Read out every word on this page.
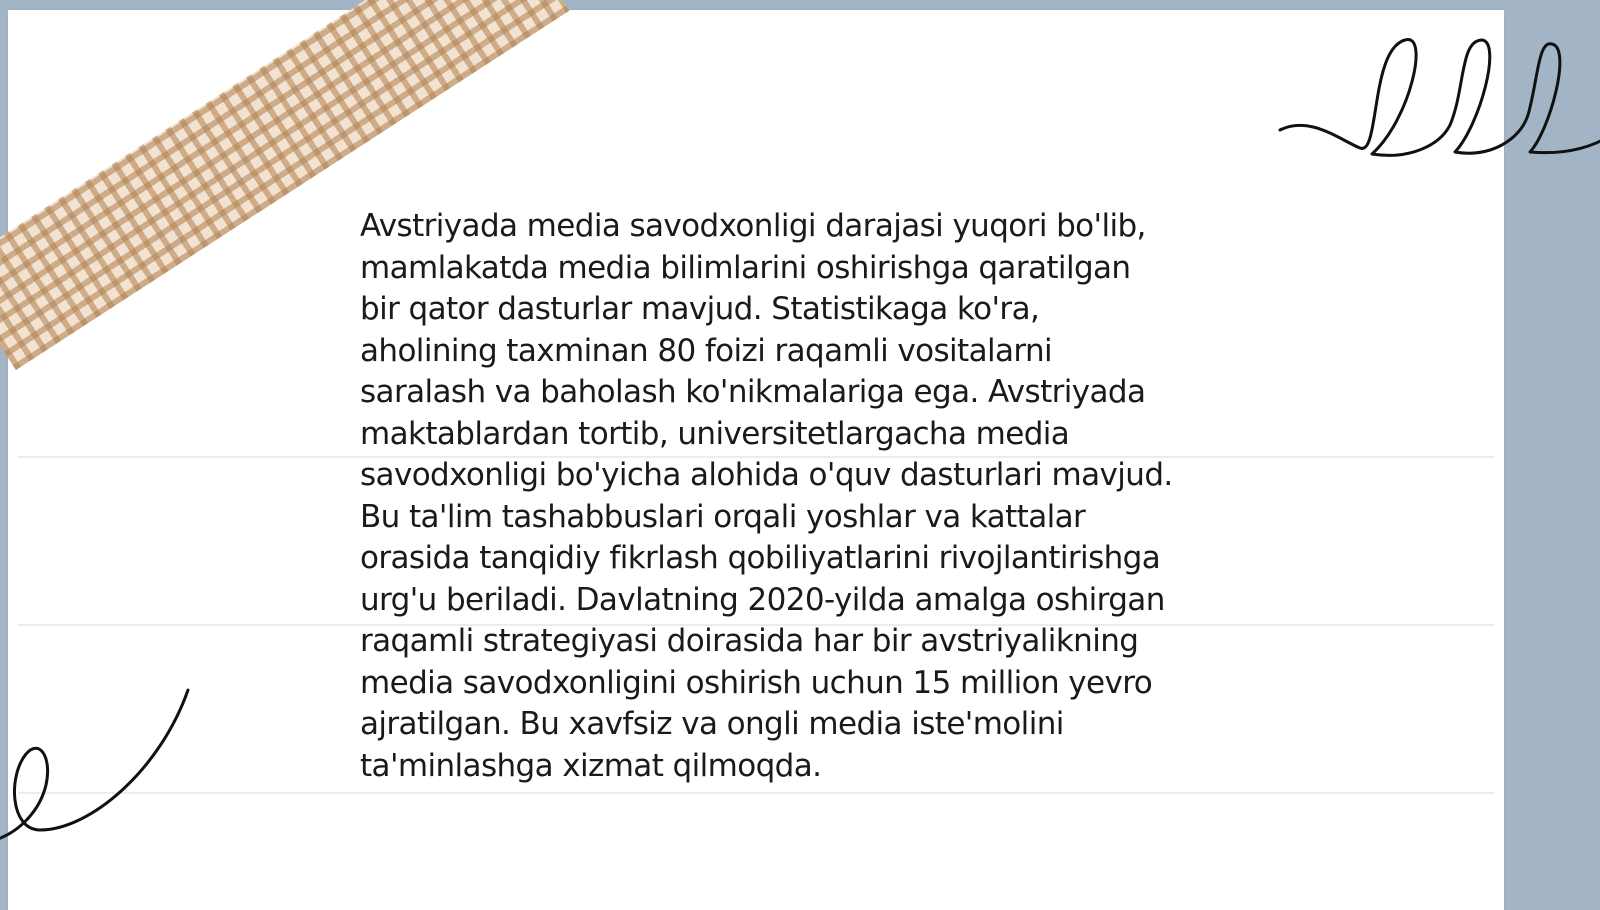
Avstriyada media savodxonligi darajasi yuqori bo'lib,
mamlakatda media bilimlarini oshirishga qaratilgan
bir qator dasturlar mavjud. Statistikaga ko'ra,
aholining taxminan 80 foizi raqamli vositalarni
saralash va baholash ko'nikmalariga ega. Avstriyada
maktablardan tortib, universitetlargacha media
savodxonligi bo'yicha alohida o'quv dasturlari mavjud.
Bu ta'lim tashabbuslari orqali yoshlar va kattalar
orasida tanqidiy fikrlash qobiliyatlarini rivojlantirishga
urg'u beriladi. Davlatning 2020-yilda amalga oshirgan
raqamli strategiyasi doirasida har bir avstriyalikning
media savodxonligini oshirish uchun 15 million yevro
ajratilgan. Bu xavfsiz va ongli media iste'molini
ta'minlashga xizmat qilmoqda.
